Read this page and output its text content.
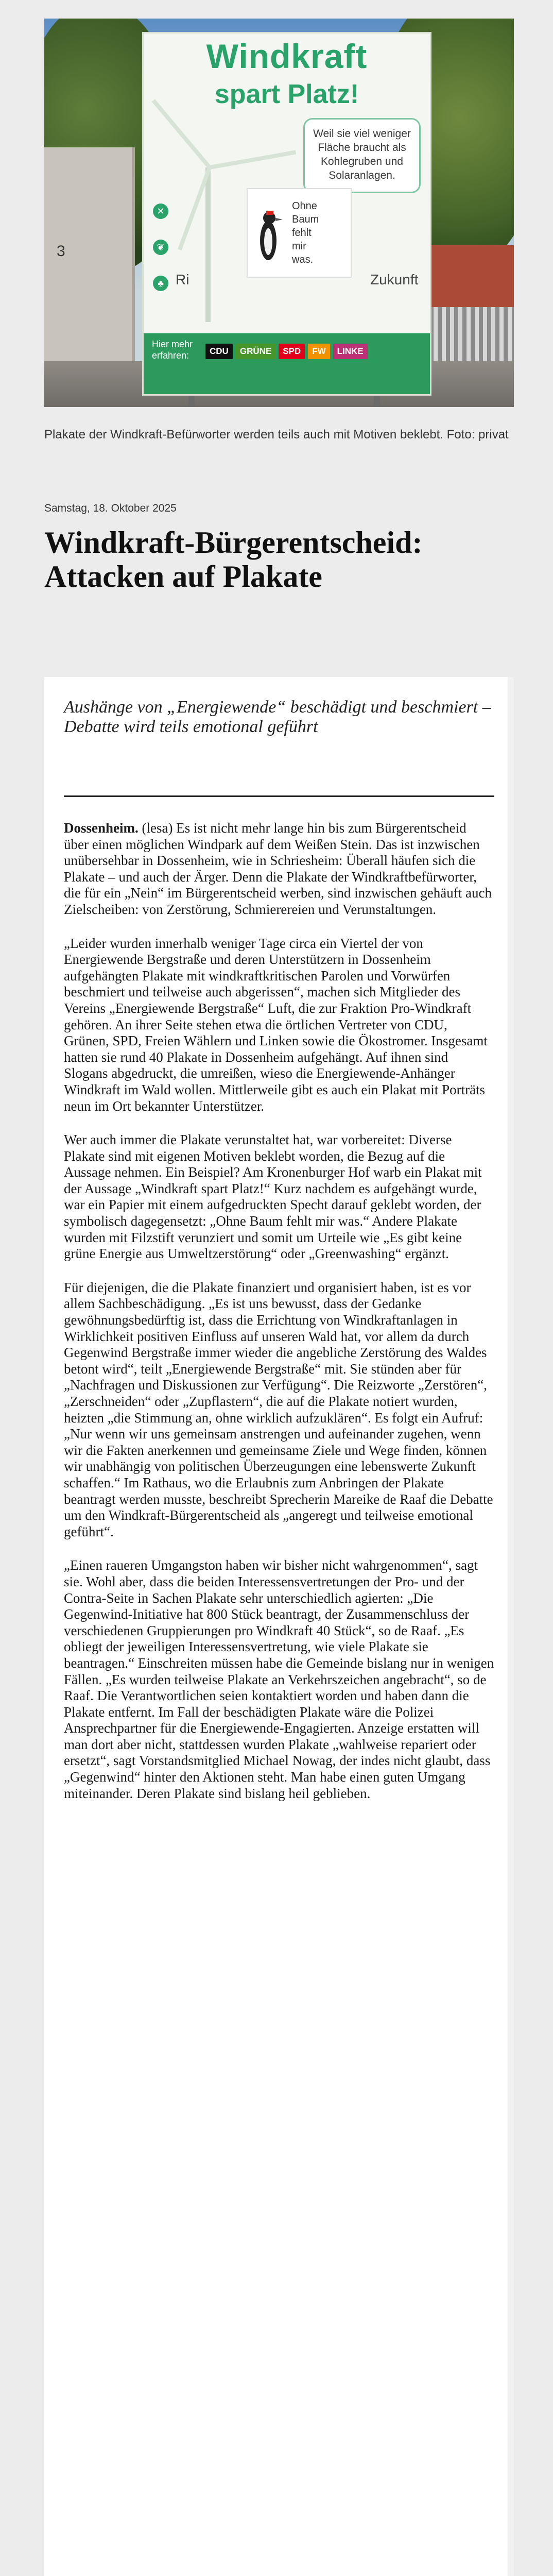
3
Windkraft
spart Platz!
Weil sie viel weniger Fläche braucht als Kohlegruben und Solaranlagen.
✕
❦
♣ Ri	Zukunft
Ohne
Baum
fehlt
mir
was.
Hier mehr erfahren:	CDU	GRÜNE	SPD	FW	LINKE
Plakate der Windkraft-Befürworter werden teils auch mit Motiven beklebt. Foto: privat
Samstag, 18. Oktober 2025
Windkraft-Bürgerentscheid: Attacken auf Plakate

Aushänge von „Energiewende“ beschädigt und beschmiert – Debatte wird teils emotional geführt

Dossenheim. (lesa) Es ist nicht mehr lange hin bis zum Bürgerentscheid über einen möglichen Windpark auf dem Weißen Stein. Das ist inzwischen unübersehbar in Dossenheim, wie in Schriesheim: Überall häufen sich die Plakate – und auch der Ärger. Denn die Plakate der Windkraftbefürworter, die für ein „Nein“ im Bürgerentscheid werben, sind inzwischen gehäuft auch Zielscheiben: von Zerstörung, Schmierereien und Verunstaltungen.

„Leider wurden innerhalb weniger Tage circa ein Viertel der von Energiewende Bergstraße und deren Unterstützern in Dossenheim aufgehängten Plakate mit windkraftkritischen Parolen und Vorwürfen beschmiert und teilweise auch abgerissen“, machen sich Mitglieder des Vereins „Energiewende Bergstraße“ Luft, die zur Fraktion Pro-Windkraft gehören. An ihrer Seite stehen etwa die örtlichen Vertreter von CDU, Grünen, SPD, Freien Wählern und Linken sowie die Ökostromer. Insgesamt hatten sie rund 40 Plakate in Dossenheim aufgehängt. Auf ihnen sind Slogans abgedruckt, die umreißen, wieso die Energiewende-Anhänger Windkraft im Wald wollen. Mittlerweile gibt es auch ein Plakat mit Porträts neun im Ort bekannter Unterstützer.

Wer auch immer die Plakate verunstaltet hat, war vorbereitet: Diverse Plakate sind mit eigenen Motiven beklebt worden, die Bezug auf die Aussage nehmen. Ein Beispiel? Am Kronenburger Hof warb ein Plakat mit der Aussage „Windkraft spart Platz!“ Kurz nachdem es aufgehängt wurde, war ein Papier mit einem aufgedruckten Specht darauf geklebt worden, der symbolisch dagegensetzt: „Ohne Baum fehlt mir was.“ Andere Plakate wurden mit Filzstift verunziert und somit um Urteile wie „Es gibt keine grüne Energie aus Umweltzerstörung“ oder „Greenwashing“ ergänzt.

Für diejenigen, die die Plakate finanziert und organisiert haben, ist es vor allem Sachbeschädigung. „Es ist uns bewusst, dass der Gedanke gewöhnungsbedürftig ist, dass die Errichtung von Windkraftanlagen in Wirklichkeit positiven Einfluss auf unseren Wald hat, vor allem da durch Gegenwind Bergstraße immer wieder die angebliche Zerstörung des Waldes betont wird“, teilt „Energiewende Bergstraße“ mit. Sie stünden aber für „Nachfragen und Diskussionen zur Verfügung“. Die Reizworte „Zerstören“, „Zerschneiden“ oder „Zupflastern“, die auf die Plakate notiert wurden, heizten „die Stimmung an, ohne wirklich aufzuklären“. Es folgt ein Aufruf: „Nur wenn wir uns gemeinsam anstrengen und aufeinander zugehen, wenn wir die Fakten anerkennen und gemeinsame Ziele und Wege finden, können wir unabhängig von politischen Überzeugungen eine lebenswerte Zukunft schaffen.“ Im Rathaus, wo die Erlaubnis zum Anbringen der Plakate beantragt werden musste, beschreibt Sprecherin Mareike de Raaf die Debatte um den Windkraft-Bürgerentscheid als „angeregt und teilweise emotional geführt“.

„Einen raueren Umgangston haben wir bisher nicht wahrgenommen“, sagt sie. Wohl aber, dass die beiden Interessensvertretungen der Pro- und der Contra-Seite in Sachen Plakate sehr unterschiedlich agierten: „Die Gegenwind-Initiative hat 800 Stück beantragt, der Zusammenschluss der verschiedenen Gruppierungen pro Windkraft 40 Stück“, so de Raaf. „Es obliegt der jeweiligen Interessensvertretung, wie viele Plakate sie beantragen.“ Einschreiten müssen habe die Gemeinde bislang nur in wenigen Fällen. „Es wurden teilweise Plakate an Verkehrszeichen angebracht“, so de Raaf. Die Verantwortlichen seien kontaktiert worden und haben dann die Plakate entfernt. Im Fall der beschädigten Plakate wäre die Polizei Ansprechpartner für die Energiewende-Engagierten. Anzeige erstatten will man dort aber nicht, stattdessen wurden Plakate „wahlweise repariert oder ersetzt“, sagt Vorstandsmitglied Michael Nowag, der indes nicht glaubt, dass „Gegenwind“ hinter den Aktionen steht. Man habe einen guten Umgang miteinander. Deren Plakate sind bislang heil geblieben.
